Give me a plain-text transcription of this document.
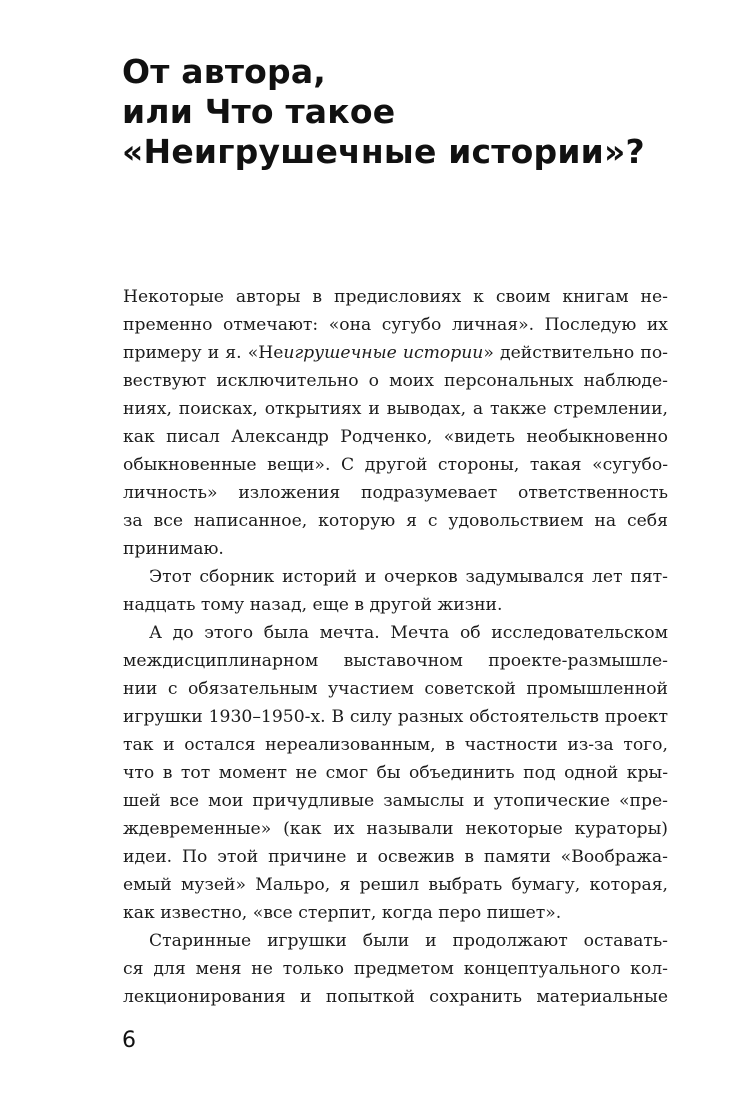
От автора,
или Что такое
«Неигрушечные истории»?
Некоторые авторы в предисловиях к своим книгам не-
пременно отмечают: «она сугубо личная». Последую их
примеру и я. «Неигрушечные истории» действительно по-
вествуют исключительно о моих персональных наблюде-
ниях, поисках, открытиях и выводах, а также стремлении,
как писал Александр Родченко, «видеть необыкновенно
обыкновенные вещи». С другой стороны, такая «сугубо-
личность» изложения подразумевает ответственность
за все написанное, которую я с удовольствием на себя
принимаю.
Этот сборник историй и очерков задумывался лет пят-
надцать тому назад, еще в другой жизни.
А до этого была мечта. Мечта об исследовательском
междисциплинарном выставочном проекте-размышле-
нии с обязательным участием советской промышленной
игрушки 1930–1950-х. В силу разных обстоятельств проект
так и остался нереализованным, в частности из-за того,
что в тот момент не смог бы объединить под одной кры-
шей все мои причудливые замыслы и утопические «пре-
ждевременные» (как их называли некоторые кураторы)
идеи. По этой причине и освежив в памяти «Вообража-
емый музей» Мальро, я решил выбрать бумагу, которая,
как известно, «все стерпит, когда перо пишет».
Старинные игрушки были и продолжают оставать-
ся для меня не только предметом концептуального кол-
лекционирования и попыткой сохранить материальные
6
